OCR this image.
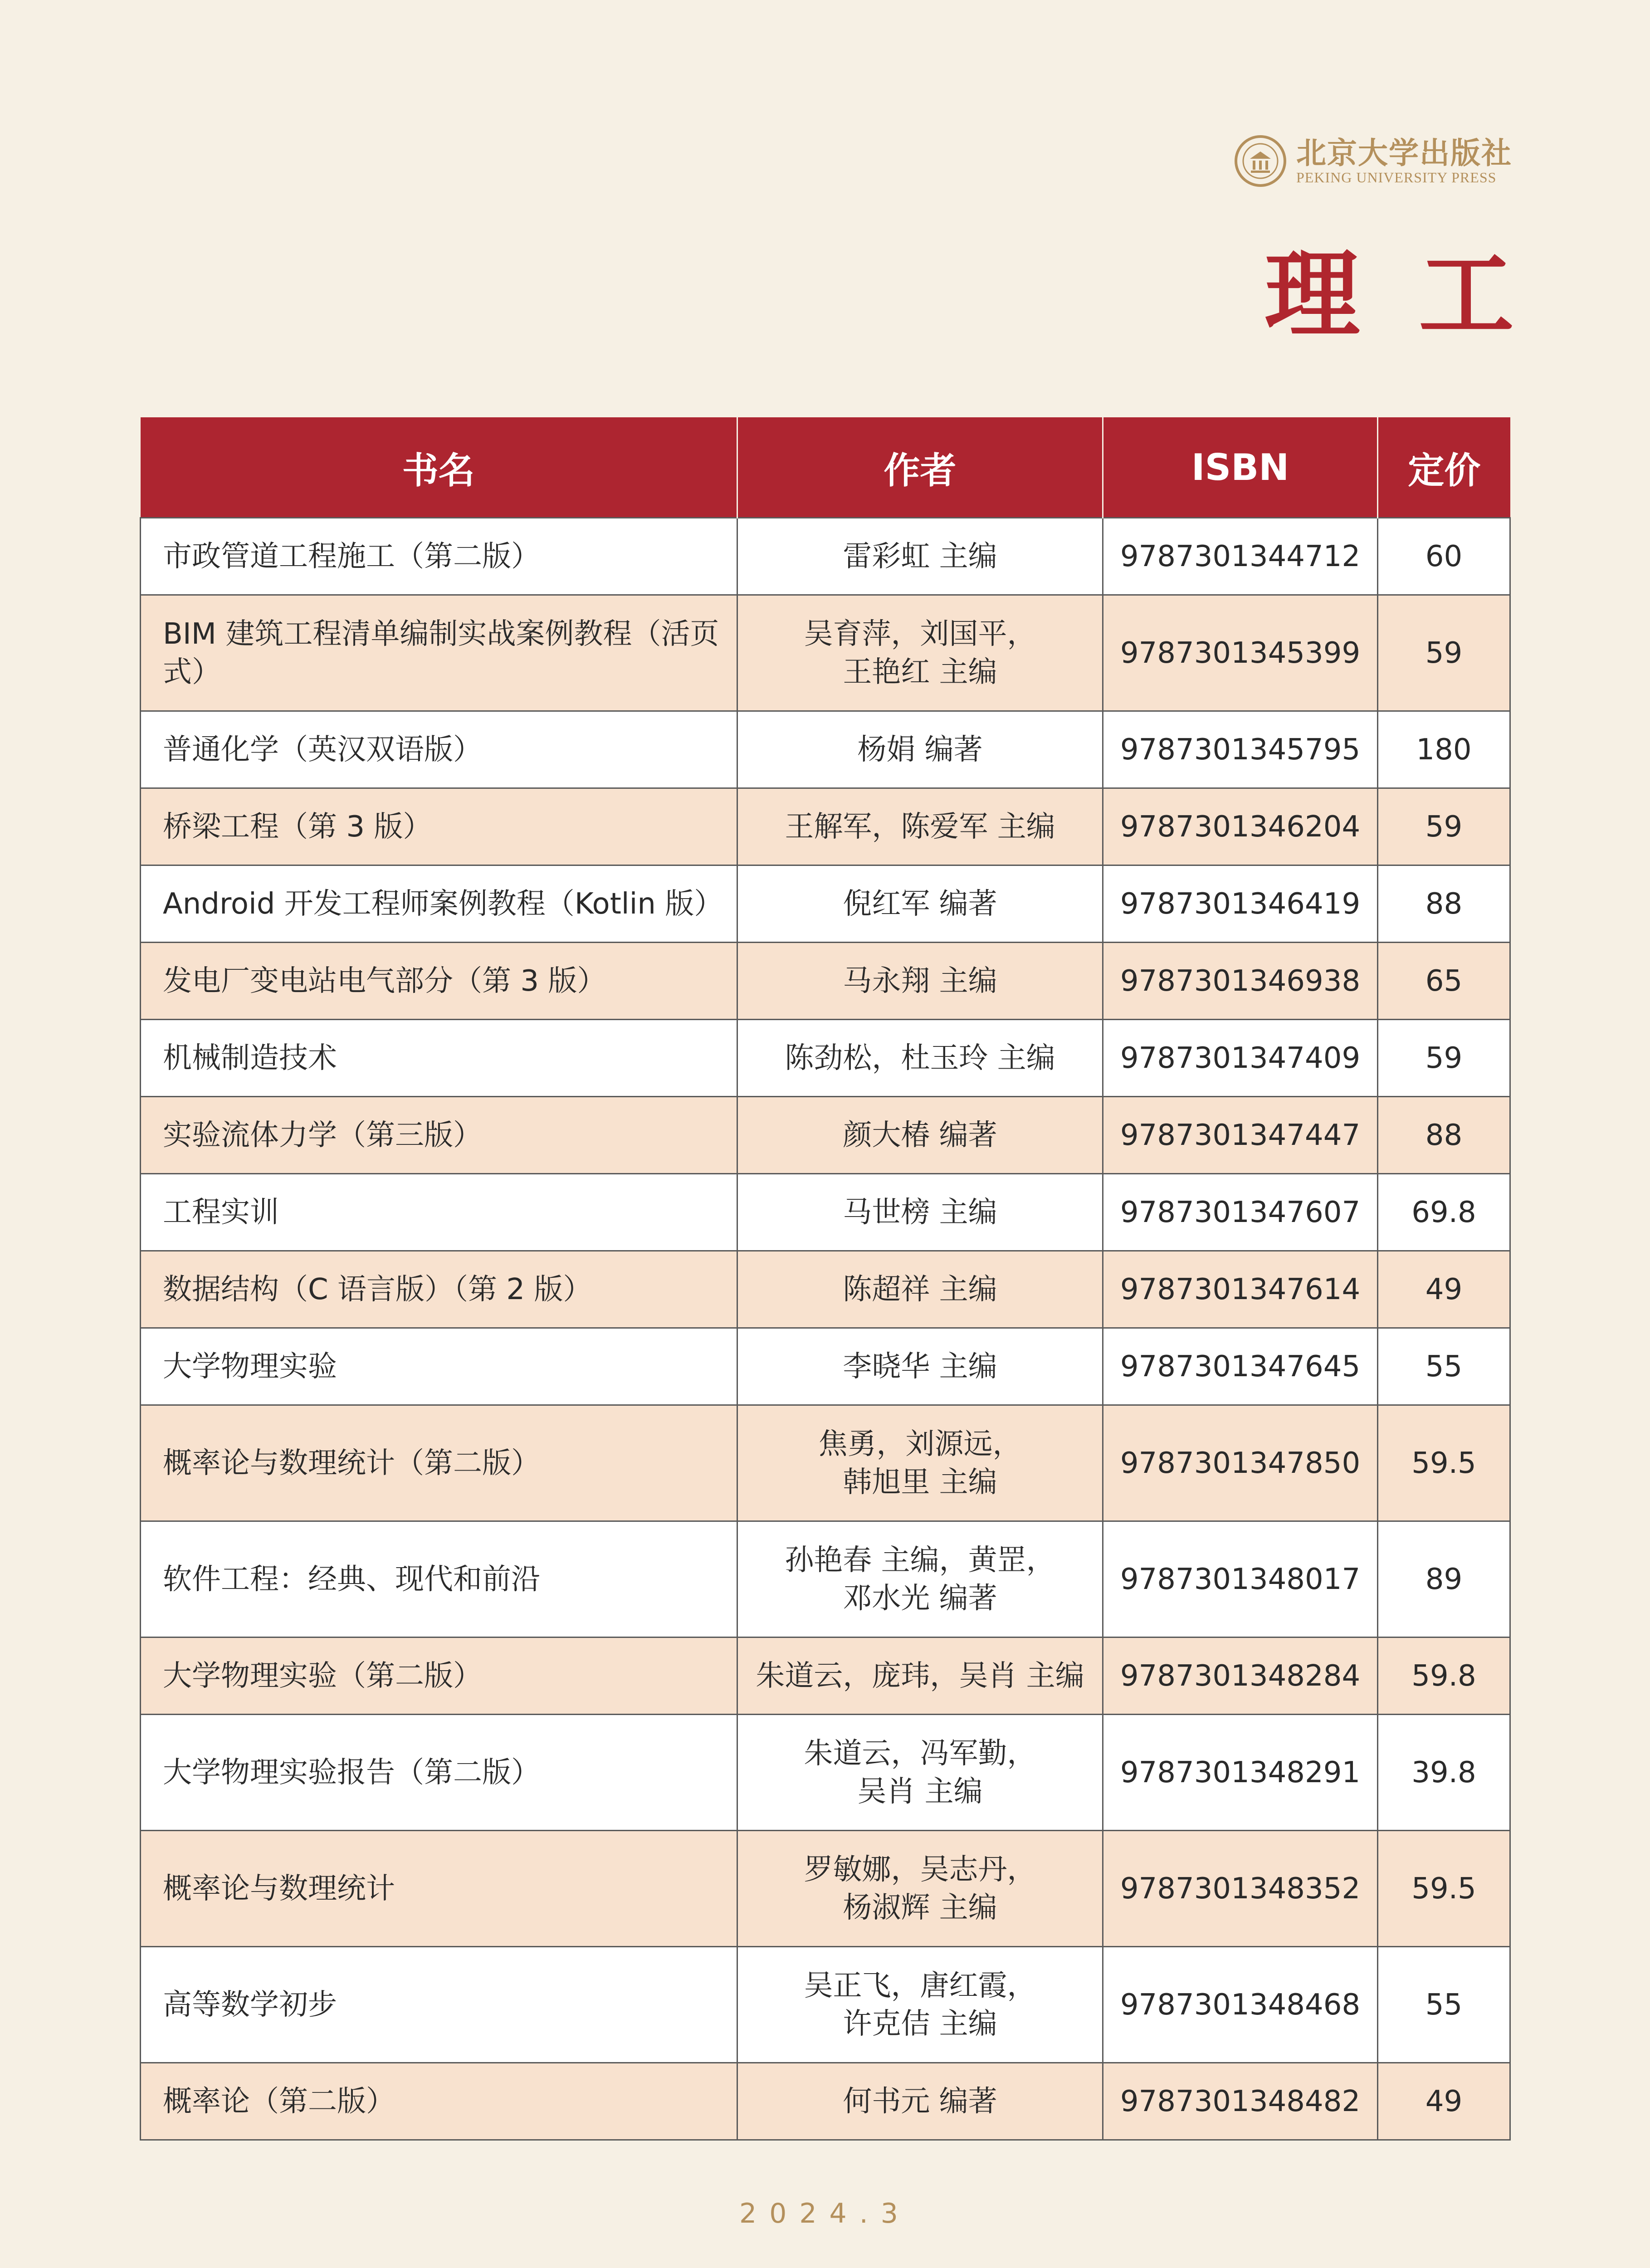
北京大学出版社
PEKING UNIVERSITY PRESS
理工
书名	作者	ISBN	定价
市政管道工程施工（第二版）	雷彩虹 主编	9787301344712	60
BIM 建筑工程清单编制实战案例教程（活页式）	吴育萍，刘国平，
王艳红 主编	9787301345399	59
普通化学（英汉双语版）	杨娟 编著	9787301345795	180
桥梁工程（第 3 版）	王解军，陈爱军 主编	9787301346204	59
Android 开发工程师案例教程（Kotlin 版）	倪红军 编著	9787301346419	88
发电厂变电站电气部分（第 3 版）	马永翔 主编	9787301346938	65
机械制造技术	陈劲松，杜玉玲 主编	9787301347409	59
实验流体力学（第三版）	颜大椿 编著	9787301347447	88
工程实训	马世榜 主编	9787301347607	69.8
数据结构（C 语言版）（第 2 版）	陈超祥 主编	9787301347614	49
大学物理实验	李晓华 主编	9787301347645	55
概率论与数理统计（第二版）	焦勇，刘源远，
韩旭里 主编	9787301347850	59.5
软件工程：经典、现代和前沿	孙艳春 主编，黄罡，
邓水光 编著	9787301348017	89
大学物理实验（第二版）	朱道云，庞玮，吴肖 主编	9787301348284	59.8
大学物理实验报告（第二版）	朱道云，冯军勤，
吴肖 主编	9787301348291	39.8
概率论与数理统计	罗敏娜，吴志丹，
杨淑辉 主编	9787301348352	59.5
高等数学初步	吴正飞，唐红霞，
许克佶 主编	9787301348468	55
概率论（第二版）	何书元 编著	9787301348482	49
2024.3
